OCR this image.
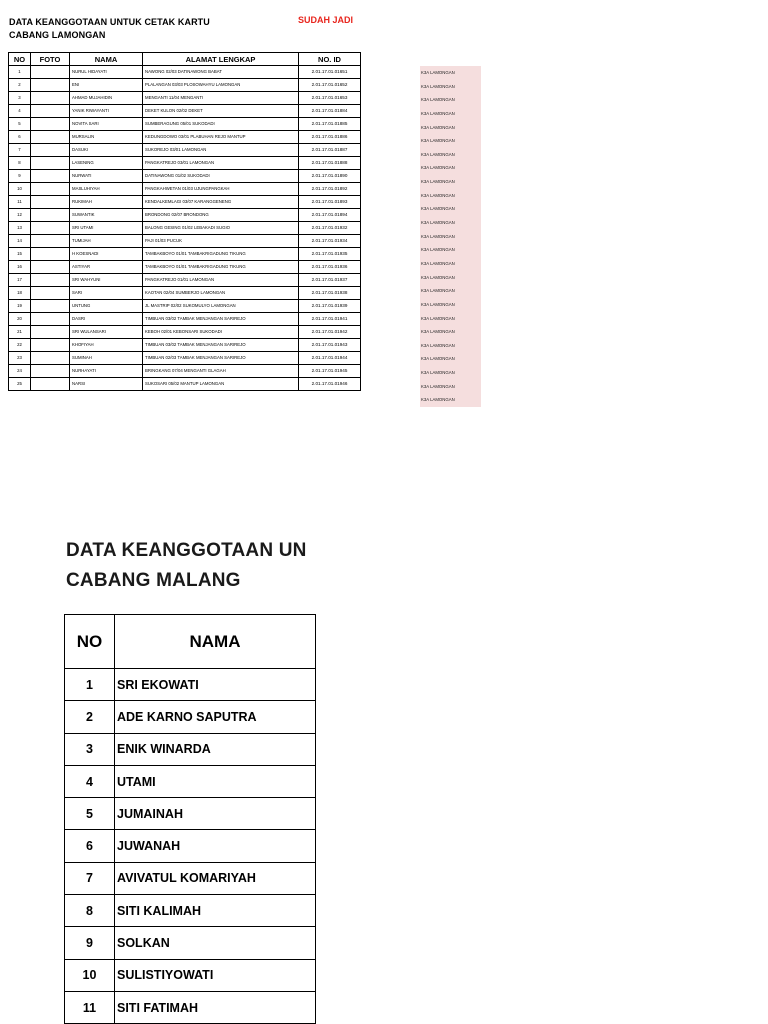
DATA KEANGGOTAAN UNTUK CETAK KARTU
CABANG LAMONGAN
SUDAH JADI
NO	FOTO	NAMA	ALAMAT LENGKAP	NO. ID
1		NURUL HIDAYATI	NAWONG 02/03 DATINAWONG BABAT	2.01.17.01.01651
2		ENI	PLALANGAN 03/03 PLOSOWAHYU LAMONGAN	2.01.17.01.01652
3		AHMAD MUJAHIDIN	MENGANTI 11/04 MENGANTI	2.01.17.01.01653
4		YANIK RIWAYANTI	DEKET KULON 02/02 DEKET	2.01.17.01.01884
5		NOVITA SARI	SUMBERAGUNG 05/01 SUKODADI	2.01.17.01.01885
6		MURSALIN	KEDUNGDOWO 03/01 PLABUHAN REJO MANTUP	2.01.17.01.01886
7		DASUKI	SUKOREJO 03/01 LAMONGAN	2.01.17.01.01887
8		LASENING	PANGKATREJO 03/01 LAMONGAN	2.01.17.01.01888
9		NURWATI	DATINAWONG 01/02 SUKODADI	2.01.17.01.01890
10		MASLUHIYAH	PANGKAHWETAN 01/03 UJUNGPANGKAH	2.01.17.01.01892
11		RUKIMAH	KENDALKEMLAGI 03/07 KARANGGENENG	2.01.17.01.01893
12		SUWANTIK	BRONDONG 02/07 BRONDONG	2.01.17.01.01894
13		SRI UTAMI	BALONG GESING 01/02 LEBAKADI SUGIO	2.01.17.01.01932
14		TUMIJAH	PAJI 01/03 PUCUK	2.01.17.01.01934
15		H KOESNADI	TAMBAKBOYO 01/01 TAMBAKRIGADUNG TIKUNG	2.01.17.01.01935
16		ASTIYAR	TAMBAKBOYO 01/01 TAMBAKRIGADUNG TIKUNG	2.01.17.01.01936
17		SRI WAHYUNI	PANGKATREJO 01/01 LAMONGAN	2.01.17.01.01937
18		SARI	KAOTAN 02/04 SUMBERJO LAMONGAN	2.01.17.01.01938
19		UNTUNG	JL MASTRIP 02/02 SUKOMULYO LAMONGAN	2.01.17.01.01939
20		DASRI	TIMBUAN 03/02 TAMBAK MENJANGAN SARIREJO	2.01.17.01.01941
21		SRI WULANSARI	KEBOH 02/01 KEBONSARI SUKODADI	2.01.17.01.01942
22		KHOFIYAH	TIMBUAN 03/02 TAMBAK MENJANGAN SARIREJO	2.01.17.01.01943
23		SUMINAH	TIMBUAN 02/03 TAMBAK MENJANGAN SARIREJO	2.01.17.01.01944
24		NURHAYATI	BRINGKANG 07/04 MENGANTI GLAGAH	2.01.17.01.01945
25		NARSI	SUKOSARI 05/02 MANTUP LAMONGAN	2.01.17.01.01946
K3A LAMONGAN
K3A LAMONGAN
K3A LAMONGAN
K3A LAMONGAN
K3A LAMONGAN
K3A LAMONGAN
K3A LAMONGAN
K3A LAMONGAN
K3A LAMONGAN
K3A LAMONGAN
K3A LAMONGAN
K3A LAMONGAN
K3A LAMONGAN
K3A LAMONGAN
K3A LAMONGAN
K3A LAMONGAN
K3A LAMONGAN
K3A LAMONGAN
K3A LAMONGAN
K3A LAMONGAN
K3A LAMONGAN
K3A LAMONGAN
K3A LAMONGAN
K3A LAMONGAN
K3A LAMONGAN
DATA KEANGGOTAAN UN
CABANG MALANG
NO	NAMA
1	SRI EKOWATI
2	ADE KARNO SAPUTRA
3	ENIK WINARDA
4	UTAMI
5	JUMAINAH
6	JUWANAH
7	AVIVATUL KOMARIYAH
8	SITI KALIMAH
9	SOLKAN
10	SULISTIYOWATI
11	SITI FATIMAH
